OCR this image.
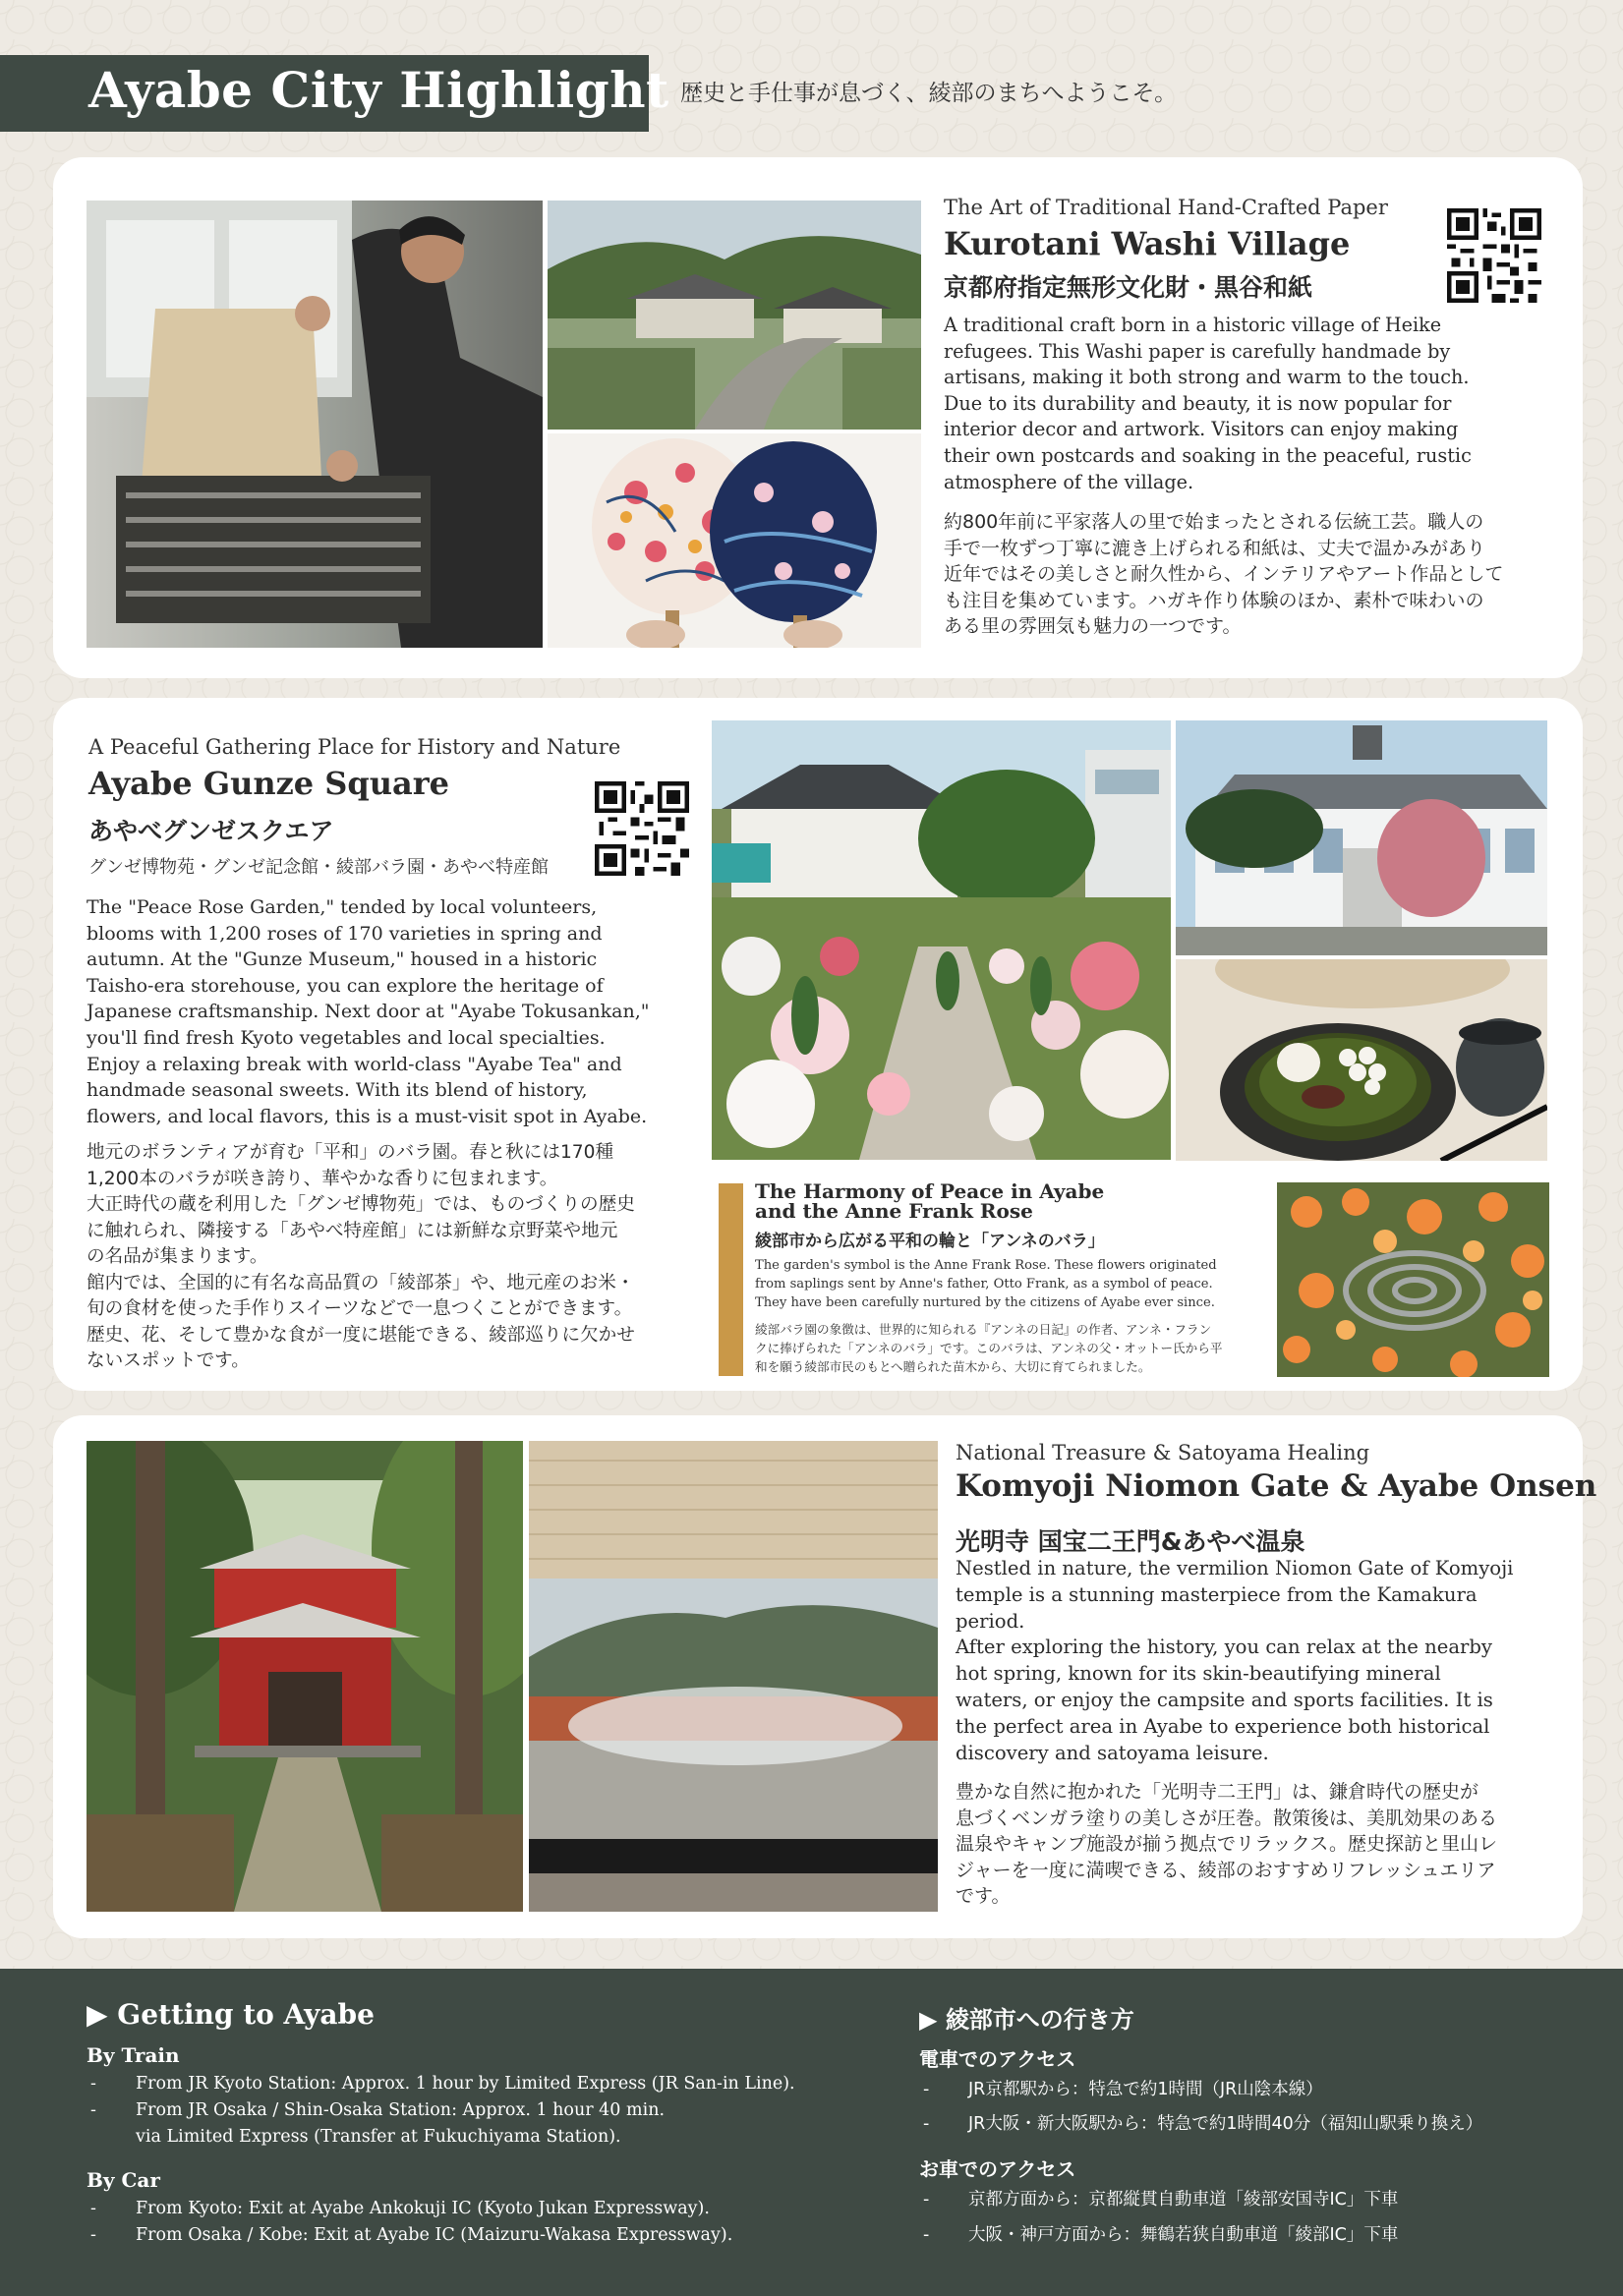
Ayabe City Highlight 歴史と手仕事が息づく、綾部のまちへようこそ。
The Art of Traditional Hand-Crafted Paper
Kurotani Washi Village
京都府指定無形文化財・黒谷和紙
A traditional craft born in a historic village of Heike
refugees. This Washi paper is carefully handmade by
artisans, making it both strong and warm to the touch.
Due to its durability and beauty, it is now popular for
interior decor and artwork. Visitors can enjoy making
their own postcards and soaking in the peaceful, rustic
atmosphere of the village.
約800年前に平家落人の里で始まったとされる伝統工芸。職人の
手で一枚ずつ丁寧に漉き上げられる和紙は、丈夫で温かみがあり
近年ではその美しさと耐久性から、インテリアやアート作品として
も注目を集めています。ハガキ作り体験のほか、素朴で味わいの
ある里の雰囲気も魅力の一つです。
A Peaceful Gathering Place for History and Nature
Ayabe Gunze Square
あやべグンゼスクエア
グンゼ博物苑・グンゼ記念館・綾部バラ園・あやべ特産館
The "Peace Rose Garden," tended by local volunteers,
blooms with 1,200 roses of 170 varieties in spring and
autumn. At the "Gunze Museum," housed in a historic
Taisho-era storehouse, you can explore the heritage of
Japanese craftsmanship. Next door at "Ayabe Tokusankan,"
you'll find fresh Kyoto vegetables and local specialties.
Enjoy a relaxing break with world-class "Ayabe Tea" and
handmade seasonal sweets. With its blend of history,
flowers, and local flavors, this is a must-visit spot in Ayabe.
地元のボランティアが育む「平和」のバラ園。春と秋には170種
1,200本のバラが咲き誇り、華やかな香りに包まれます。
大正時代の蔵を利用した「グンゼ博物苑」では、ものづくりの歴史
に触れられ、隣接する「あやべ特産館」には新鮮な京野菜や地元
の名品が集まります。
館内では、全国的に有名な高品質の「綾部茶」や、地元産のお米・
旬の食材を使った手作りスイーツなどで一息つくことができます。
歴史、花、そして豊かな食が一度に堪能できる、綾部巡りに欠かせ
ないスポットです。
The Harmony of Peace in Ayabe
and the Anne Frank Rose
綾部市から広がる平和の輪と「アンネのバラ」
The garden's symbol is the Anne Frank Rose. These flowers originated
from saplings sent by Anne's father, Otto Frank, as a symbol of peace.
They have been carefully nurtured by the citizens of Ayabe ever since.
綾部バラ園の象徴は、世界的に知られる『アンネの日記』の作者、アンネ・フラン
クに捧げられた「アンネのバラ」です。このバラは、アンネの父・オットー氏から平
和を願う綾部市民のもとへ贈られた苗木から、大切に育てられました。
National Treasure & Satoyama Healing
Komyoji Niomon Gate & Ayabe Onsen
光明寺 国宝二王門&あやべ温泉
Nestled in nature, the vermilion Niomon Gate of Komyoji
temple is a stunning masterpiece from the Kamakura
period.
After exploring the history, you can relax at the nearby
hot spring, known for its skin-beautifying mineral
waters, or enjoy the campsite and sports facilities. It is
the perfect area in Ayabe to experience both historical
discovery and satoyama leisure.
豊かな自然に抱かれた「光明寺二王門」は、鎌倉時代の歴史が
息づくベンガラ塗りの美しさが圧巻。散策後は、美肌効果のある
温泉やキャンプ施設が揃う拠点でリラックス。歴史探訪と里山レ
ジャーを一度に満喫できる、綾部のおすすめリフレッシュエリア
です。
▶ Getting to Ayabe
By Train
- From JR Kyoto Station: Approx. 1 hour by Limited Express (JR San-in Line).
- From JR Osaka / Shin-Osaka Station: Approx. 1 hour 40 min.
via Limited Express (Transfer at Fukuchiyama Station).
By Car
- From Kyoto: Exit at Ayabe Ankokuji IC (Kyoto Jukan Expressway).
- From Osaka / Kobe: Exit at Ayabe IC (Maizuru-Wakasa Expressway).
▶ 綾部市への行き方
電車でのアクセス
- JR京都駅から：特急で約1時間（JR山陰本線）
- JR大阪・新大阪駅から：特急で約1時間40分（福知山駅乗り換え）
お車でのアクセス
- 京都方面から：京都縦貫自動車道「綾部安国寺IC」下車
- 大阪・神戸方面から：舞鶴若狭自動車道「綾部IC」下車
